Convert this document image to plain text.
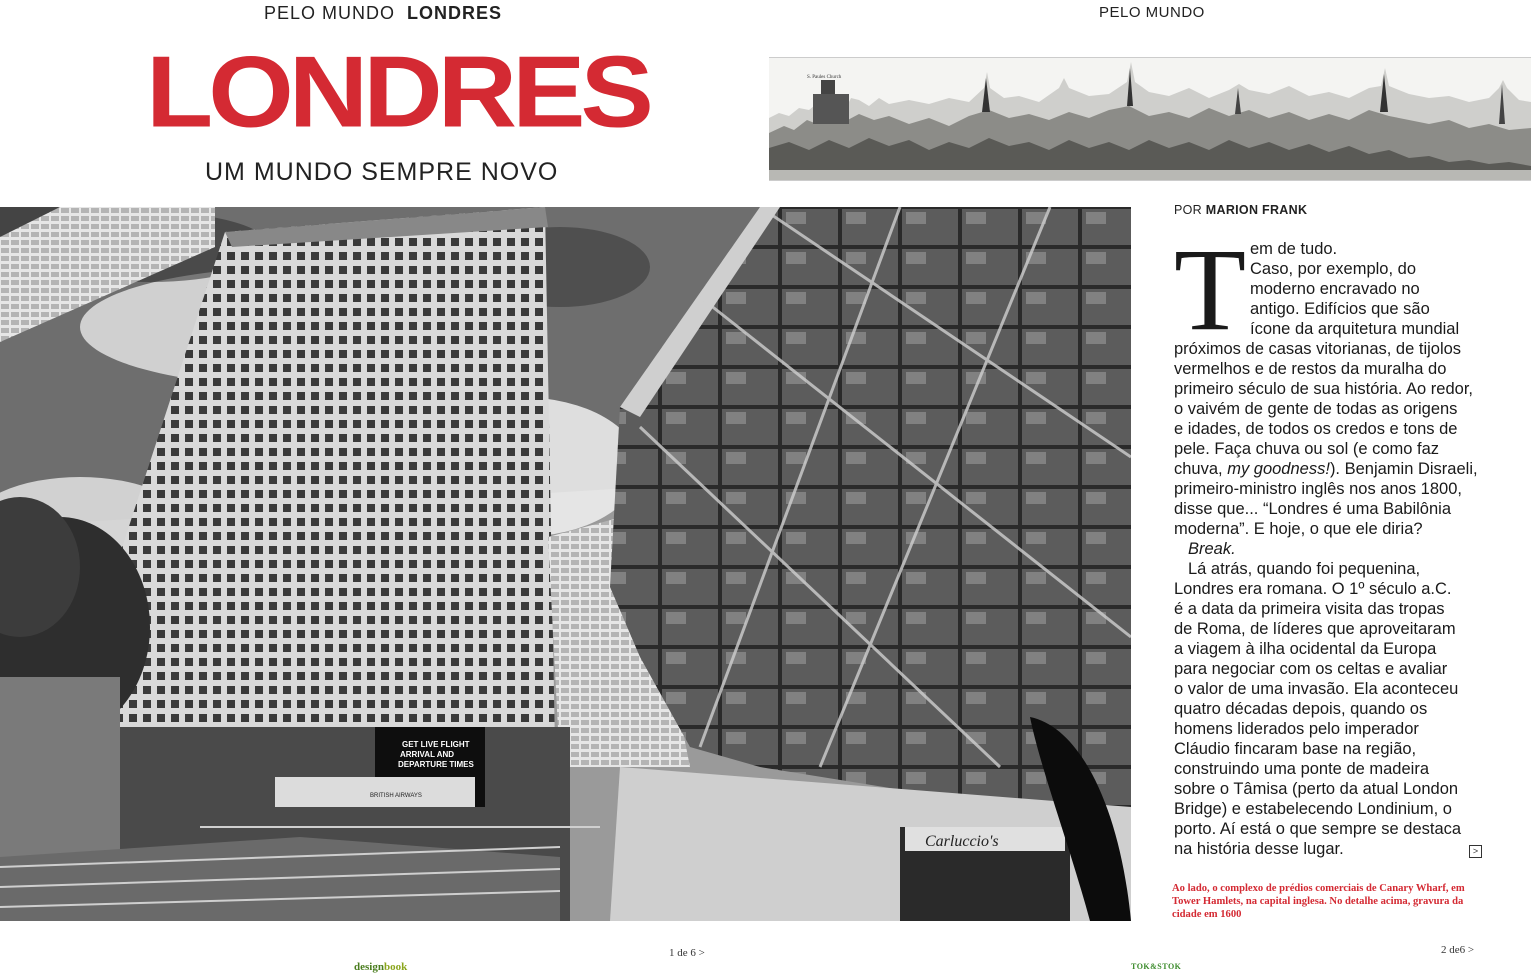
PELO MUNDO LONDRES	PELO MUNDO
LONDRES
UM MUNDO SEMPRE NOVO
S. Paules Church
GET LIVE FLIGHT ARRIVAL AND DEPARTURE TIMES
BRITISH AIRWAYS
Carluccio's
POR MARION FRANK
T em de tudo.
Caso, por exemplo, do
moderno encravado no
antigo. Edifícios que são
ícone da arquitetura mundial
próximos de casas vitorianas, de tijolos
vermelhos e de restos da muralha do
primeiro século de sua história. Ao redor,
o vaivém de gente de todas as origens
e idades, de todos os credos e tons de
pele. Faça chuva ou sol (e como faz
chuva, my goodness!). Benjamin Disraeli,
primeiro-ministro inglês nos anos 1800,
disse que... “Londres é uma Babilônia
moderna”. E hoje, o que ele diria?
Break.
Lá atrás, quando foi pequenina,
Londres era romana. O 1º século a.C.
é a data da primeira visita das tropas
de Roma, de líderes que aproveitaram
a viagem à ilha ocidental da Europa
para negociar com os celtas e avaliar
o valor de uma invasão. Ela aconteceu
quatro décadas depois, quando os
homens liderados pelo imperador
Cláudio fincaram base na região,
construindo uma ponte de madeira
sobre o Tâmisa (perto da atual London
Bridge) e estabelecendo Londinium, o
porto. Aí está o que sempre se destaca
na história desse lugar.	>
Ao lado, o complexo de prédios comerciais de Canary Wharf, em Tower Hamlets, na capital inglesa. No detalhe acima, gravura da cidade em 1600
1 de 6 >	2 de6 >
designbook	TOK&STOK
